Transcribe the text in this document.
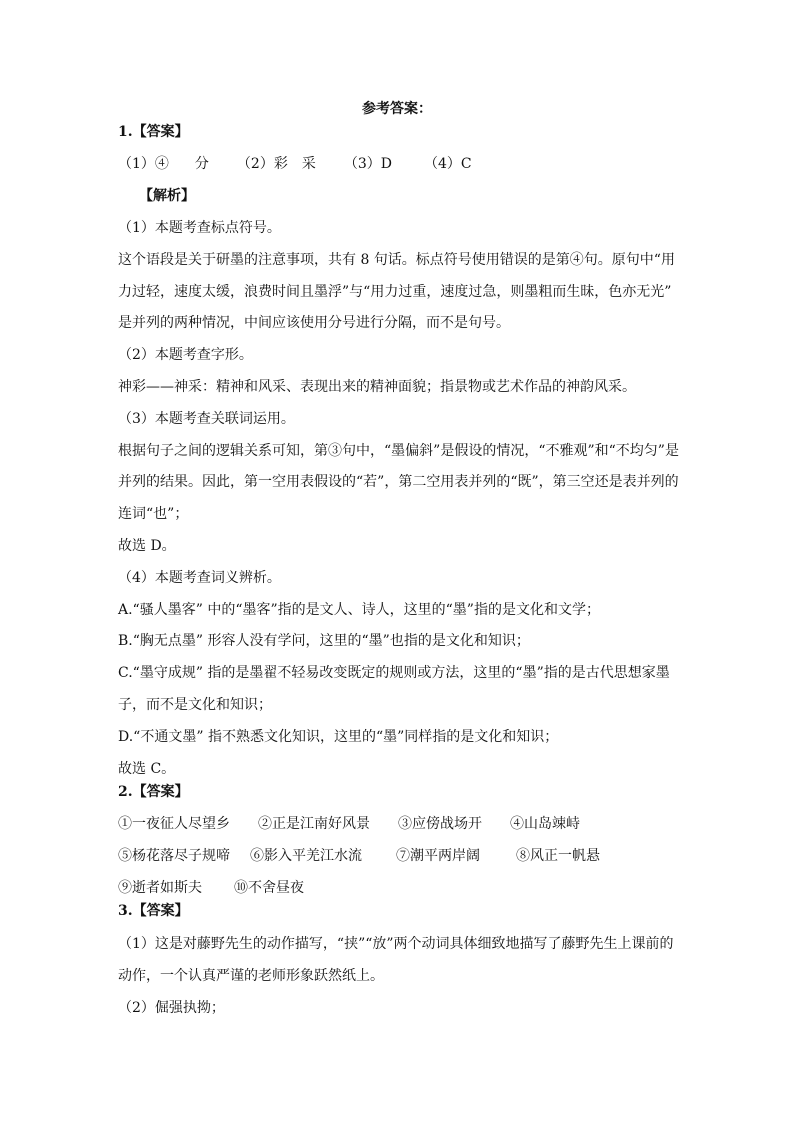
参考答案：
1.【答案】
（1）④ 分 （2）彩　采 （3）D （4）C
【解析】
（1）本题考查标点符号。
这个语段是关于研墨的注意事项，共有 8 句话。标点符号使用错误的是第④句。原句中“用
力过轻，速度太缓，浪费时间且墨浮”与“用力过重，速度过急，则墨粗而生昧，色亦无光”
是并列的两种情况，中间应该使用分号进行分隔，而不是句号。
（2）本题考查字形。
神彩——神采：精神和风采、表现出来的精神面貌；指景物或艺术作品的神韵风采。
（3）本题考查关联词运用。
根据句子之间的逻辑关系可知，第③句中，“墨偏斜”是假设的情况，“不雅观”和“不均匀”是
并列的结果。因此，第一空用表假设的“若”，第二空用表并列的“既”，第三空还是表并列的
连词“也”；
故选 D。
（4）本题考查词义辨析。
A.“骚人墨客” 中的“墨客”指的是文人、诗人，这里的“墨”指的是文化和文学；
B.“胸无点墨” 形容人没有学问，这里的“墨”也指的是文化和知识；
C.“墨守成规” 指的是墨翟不轻易改变既定的规则或方法，这里的“墨”指的是古代思想家墨
子，而不是文化和知识；
D.“不通文墨” 指不熟悉文化知识，这里的“墨”同样指的是文化和知识；
故选 C。
2.【答案】
①一夜征人尽望乡 ②正是江南好风景 ③应傍战场开 ④山岛竦峙
⑤杨花落尽子规啼 ⑥影入平羌江水流 ⑦潮平两岸阔	⑧风正一帆悬
⑨逝者如斯夫 ⑩不舍昼夜
3.【答案】
（1）这是对藤野先生的动作描写，“挟”“放”两个动词具体细致地描写了藤野先生上课前的
动作，一个认真严谨的老师形象跃然纸上。
（2）倔强执拗；
